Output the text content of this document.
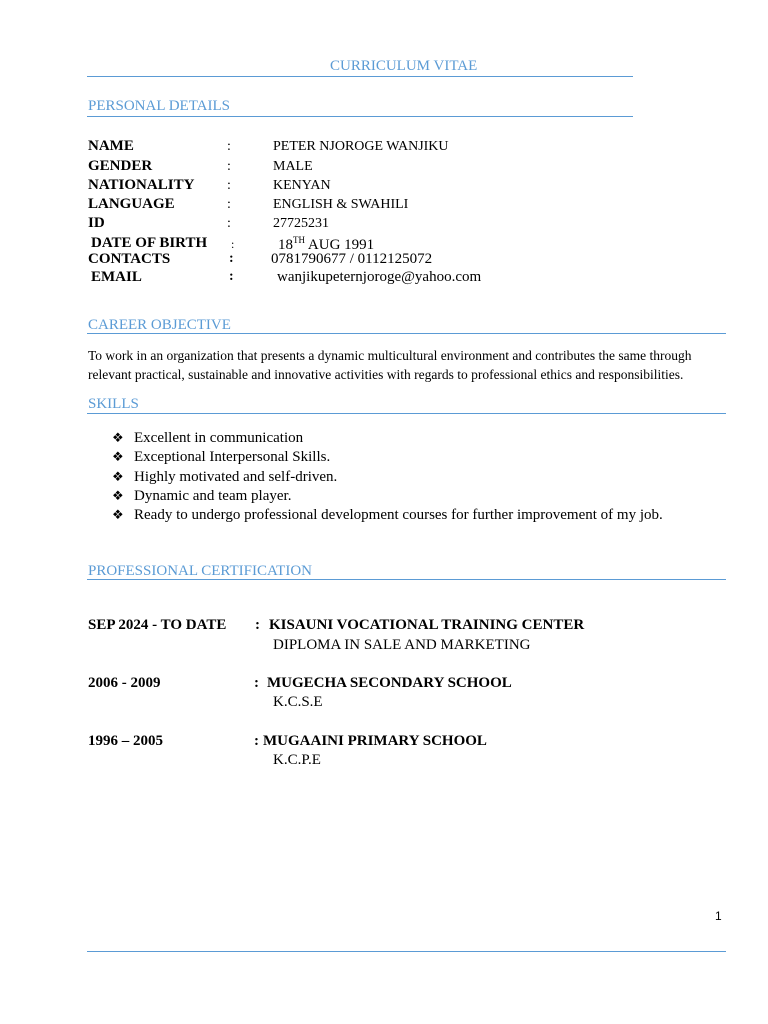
CURRICULUM VITAE
PERSONAL DETAILS
NAME	:	PETER NJOROGE WANJIKU
GENDER	:	MALE
NATIONALITY :	KENYAN
LANGUAGE	:	ENGLISH & SWAHILI
ID	:	27725231
DATE OF BIRTH :	18TH AUG 1991
CONTACTS	: 0781790677 / 0112125072
EMAIL	:	wanjikupeternjoroge@yahoo.com
CAREER OBJECTIVE
To work in an organization that presents a dynamic multicultural environment and contributes the same through relevant practical, sustainable and innovative activities with regards to professional ethics and responsibilities.
SKILLS
❖ Excellent in communication
❖ Exceptional Interpersonal Skills.
❖ Highly motivated and self-driven.
❖ Dynamic and team player.
❖ Ready to undergo professional development courses for further improvement of my job.
PROFESSIONAL CERTIFICATION
SEP 2024 - TO DATE : KISAUNI VOCATIONAL TRAINING CENTER
DIPLOMA IN SALE AND MARKETING
2006 - 2009	: MUGECHA SECONDARY SCHOOL
K.C.S.E
1996 – 2005	: MUGAAINI PRIMARY SCHOOL
K.C.P.E
1
